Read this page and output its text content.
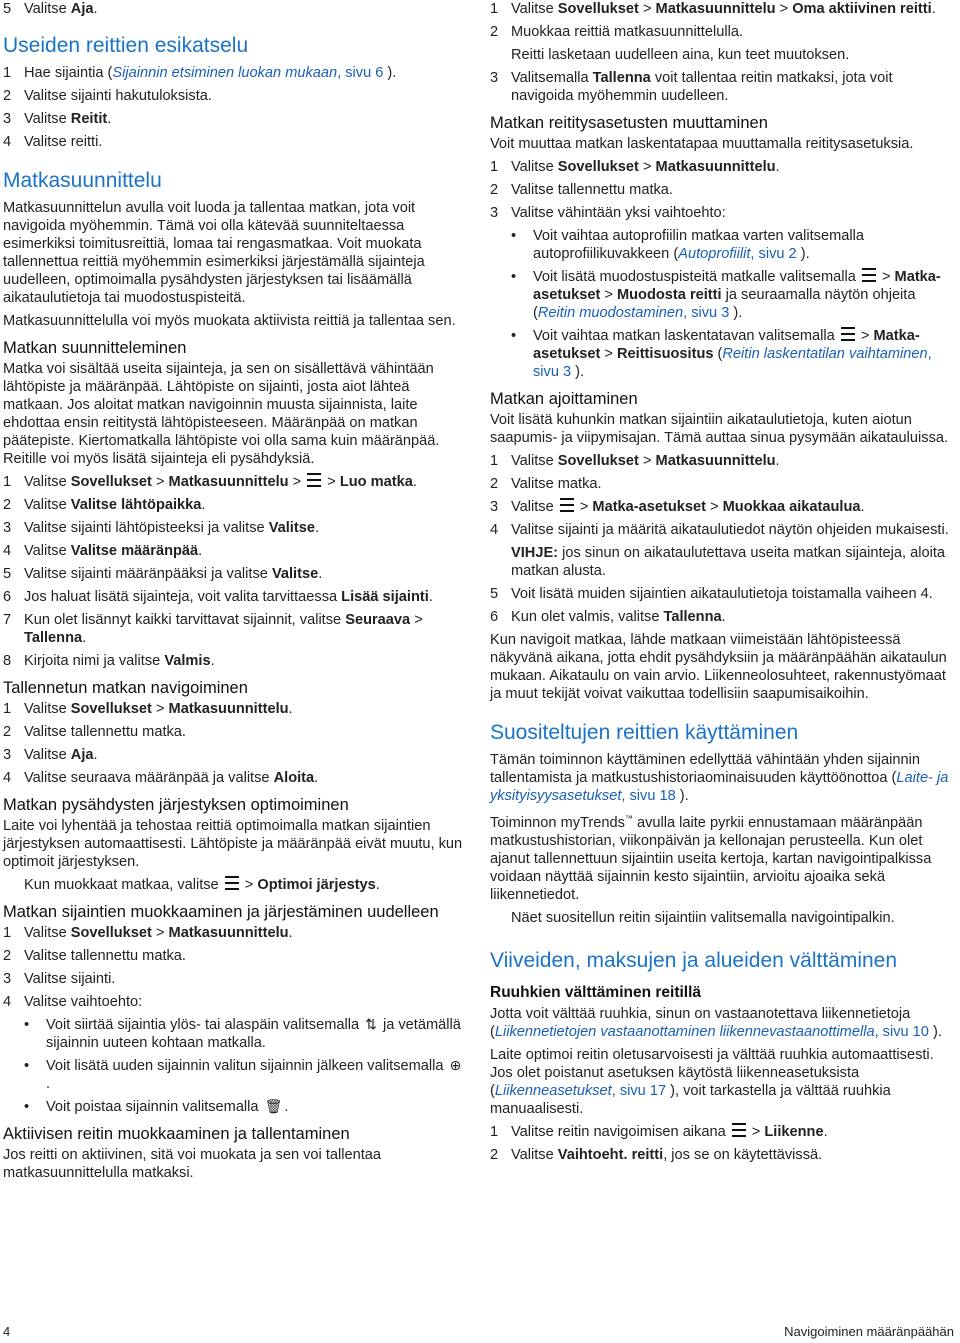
5 Valitse Aja.
Useiden reittien esikatselu
1 Hae sijaintia (Sijainnin etsiminen luokan mukaan, sivu 6 ).
2 Valitse sijainti hakutuloksista.
3 Valitse Reitit.
4 Valitse reitti.
Matkasuunnittelu

Matkasuunnittelun avulla voit luoda ja tallentaa matkan, jota voit navigoida myöhemmin. Tämä voi olla kätevää suunniteltaessa esimerkiksi toimitusreittiä, lomaa tai rengasmatkaa. Voit muokata tallennettua reittiä myöhemmin esimerkiksi järjestämällä sijainteja uudelleen, optimoimalla pysähdysten järjestyksen tai lisäämällä aikataulutietoja tai muodostuspisteitä.

Matkasuunnittelulla voi myös muokata aktiivista reittiä ja tallentaa sen.

Matkan suunnitteleminen

Matka voi sisältää useita sijainteja, ja sen on sisällettävä vähintään lähtöpiste ja määränpää. Lähtöpiste on sijainti, josta aiot lähteä matkaan. Jos aloitat matkan navigoinnin muusta sijainnista, laite ehdottaa ensin reititystä lähtöpisteeseen. Määränpää on matkan päätepiste. Kiertomatkalla lähtöpiste voi olla sama kuin määränpää. Reitille voi myös lisätä sijainteja eli pysähdyksiä.

1 Valitse Sovellukset > Matkasuunnittelu >  > Luo matka.
2 Valitse Valitse lähtöpaikka.
3 Valitse sijainti lähtöpisteeksi ja valitse Valitse.
4 Valitse Valitse määränpää.
5 Valitse sijainti määränpääksi ja valitse Valitse.
6 Jos haluat lisätä sijainteja, voit valita tarvittaessa Lisää sijainti.
7 Kun olet lisännyt kaikki tarvittavat sijainnit, valitse Seuraava > Tallenna.
8 Kirjoita nimi ja valitse Valmis.
Tallennetun matkan navigoiminen
1 Valitse Sovellukset > Matkasuunnittelu.
2 Valitse tallennettu matka.
3 Valitse Aja.
4 Valitse seuraava määränpää ja valitse Aloita.
Matkan pysähdysten järjestyksen optimoiminen

Laite voi lyhentää ja tehostaa reittiä optimoimalla matkan sijaintien järjestyksen automaattisesti. Lähtöpiste ja määränpää eivät muutu, kun optimoit järjestyksen.

Kun muokkaat matkaa, valitse  > Optimoi järjestys.

Matkan sijaintien muokkaaminen ja järjestäminen uudelleen
1 Valitse Sovellukset > Matkasuunnittelu.
2 Valitse tallennettu matka.
3 Valitse sijainti.
4 Valitse vaihtoehto:
•	Voit siirtää sijaintia ylös- tai alaspäin valitsemalla ⇅ ja vetämällä sijainnin uuteen kohtaan matkalla.
•	Voit lisätä uuden sijainnin valitun sijainnin jälkeen valitsemalla ⊕.
•	Voit poistaa sijainnin valitsemalla 🗑 .
Aktiivisen reitin muokkaaminen ja tallentaminen

Jos reitti on aktiivinen, sitä voi muokata ja sen voi tallentaa matkasuunnittelulla matkaksi.

1 Valitse Sovellukset > Matkasuunnittelu > Oma aktiivinen reitti.
2 Muokkaa reittiä matkasuunnittelulla.

Reitti lasketaan uudelleen aina, kun teet muutoksen.

3 Valitsemalla Tallenna voit tallentaa reitin matkaksi, jota voit navigoida myöhemmin uudelleen.
Matkan reititysasetusten muuttaminen

Voit muuttaa matkan laskentatapaa muuttamalla reititysasetuksia.

1 Valitse Sovellukset > Matkasuunnittelu.
2 Valitse tallennettu matka.
3 Valitse vähintään yksi vaihtoehto:
•	Voit vaihtaa autoprofiilin matkaa varten valitsemalla autoprofiilikuvakkeen (Autoprofiilit, sivu 2 ).
•	Voit lisätä muodostuspisteitä matkalle valitsemalla  > Matka-asetukset > Muodosta reitti ja seuraamalla näytön ohjeita (Reitin muodostaminen, sivu 3 ).
•	Voit vaihtaa matkan laskentatavan valitsemalla  > Matka-asetukset > Reittisuositus (Reitin laskentatilan vaihtaminen, sivu 3 ).
Matkan ajoittaminen

Voit lisätä kuhunkin matkan sijaintiin aikataulutietoja, kuten aiotun saapumis- ja viipymisajan. Tämä auttaa sinua pysymään aikatauluissa.

1 Valitse Sovellukset > Matkasuunnittelu.
2 Valitse matka.
3 Valitse  > Matka-asetukset > Muokkaa aikataulua.
4 Valitse sijainti ja määritä aikataulutiedot näytön ohjeiden mukaisesti.

VIHJE: jos sinun on aikataulutettava useita matkan sijainteja, aloita matkan alusta.

5 Voit lisätä muiden sijaintien aikataulutietoja toistamalla vaiheen 4.
6 Kun olet valmis, valitse Tallenna.

Kun navigoit matkaa, lähde matkaan viimeistään lähtöpisteessä näkyvänä aikana, jotta ehdit pysähdyksiin ja määränpäähän aikataulun mukaan. Aikataulu on vain arvio. Liikenneolosuhteet, rakennustyömaat ja muut tekijät voivat vaikuttaa todellisiin saapumisaikoihin.

Suositeltujen reittien käyttäminen

Tämän toiminnon käyttäminen edellyttää vähintään yhden sijainnin tallentamista ja matkustushistoriaominaisuuden käyttöönottoa (Laite- ja yksityisyysasetukset, sivu 18 ).

Toiminnon myTrends™ avulla laite pyrkii ennustamaan määränpään matkustushistorian, viikonpäivän ja kellonajan perusteella. Kun olet ajanut tallennettuun sijaintiin useita kertoja, kartan navigointipalkissa voidaan näyttää sijainnin kesto sijaintiin, arvioitu ajoaika sekä liikennetiedot.

Näet suositellun reitin sijaintiin valitsemalla navigointipalkin.

Viiveiden, maksujen ja alueiden välttäminen
Ruuhkien välttäminen reitillä

Jotta voit välttää ruuhkia, sinun on vastaanotettava liikennetietoja (Liikennetietojen vastaanottaminen liikennevastaanottimella, sivu 10 ).

Laite optimoi reitin oletusarvoisesti ja välttää ruuhkia automaattisesti. Jos olet poistanut asetuksen käytöstä liikenneasetuksista (Liikenneasetukset, sivu 17 ), voit tarkastella ja välttää ruuhkia manuaalisesti.

1 Valitse reitin navigoimisen aikana  > Liikenne.
2 Valitse Vaihtoeht. reitti, jos se on käytettävissä.
4	Navigoiminen määränpäähän
